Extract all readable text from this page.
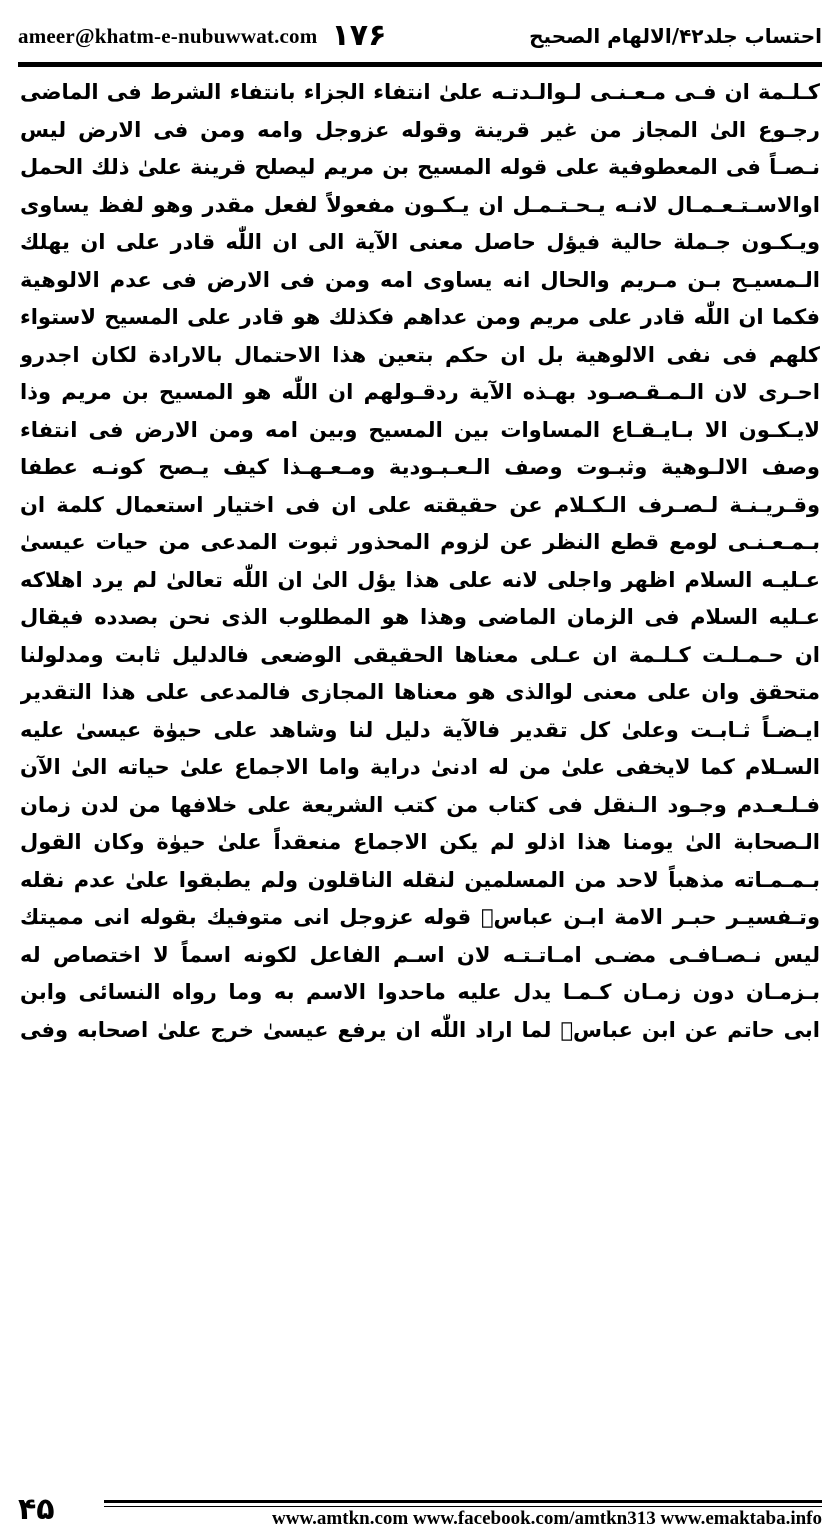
ameer@khatm-e-nubuwwat.com ۱۷۶	احتساب جلد۴۲/الالهام الصحیح
کـلـمة ان فـی مـعـنـی لـوالـدتـه علیٰ انتفاء الجزاء بانتفاء الشرط فی الماضی
رجـوع الیٰ المجاز من غیر قرینة وقوله عزوجل وامه ومن فی الارض لیس
نـصـاً فی المعطوفیة علی قوله المسیح بن مریم لیصلح قرینة علیٰ ذلك الحمل
اوالاسـتـعـمـال لانـه یـحـتـمـل ان یـکـون مفعولاً لفعل مقدر وهو لفظ یساوی
ویـکـون جـملة حالیة فیؤل حاصل معنی الآیة الی ان اللّٰه قادر علی ان یهلك
الـمسیـح بـن مـریم والحال انه یساوی امه ومن فی الارض فی عدم الالوهیة
فکما ان اللّٰه قادر علی مریم ومن عداهم فکذلك هو قادر علی المسیح لاستواء
کلهم فی نفی الالوهیة بل ان حکم بتعین هذا الاحتمال بالارادة لکان اجدرو
احـری لان الـمـقـصـود بهـذه الآیة ردقـولهم ان اللّٰه هو المسیح بن مریم وذا
لایـکـون الا بـایـقـاع المساوات بین المسیح وبین امه ومن الارض فی انتفاء
وصف الالـوهیة وثبـوت وصف الـعـبـودیة ومـعـهـذا کیف یـصح کونـه عطفا
وقـریـنـة لـصـرف الـکـلام عن حقیقته علی ان فی اختیار استعمال کلمة ان
بـمـعـنـی لومع قطع النظر عن لزوم المحذور ثبوت المدعی من حیات عیسیٰ
عـلیـه السلام اظهر واجلی لانه علی هذا یؤل الیٰ ان اللّٰه تعالیٰ لم یرد اهلاکه
عـلیه السلام فی الزمان الماضی وهذا هو المطلوب الذی نحن بصدده فیقال
ان حـمـلـت کـلـمة ان عـلی معناها الحقیقی الوضعی فالدلیل ثابت ومدلولنا
متحقق وان علی معنی لوالذی هو معناها المجازی فالمدعی علی هذا التقدیر
ایـضـاً ثـابـت وعلیٰ کل تقدیر فالآیة دلیل لنا وشاهد علی حیوٰة عیسیٰ علیه
السـلام کما لایخفی علیٰ من له ادنیٰ درایة واما الاجماع علیٰ حیاته الیٰ الآن
فـلـعـدم وجـود الـنقل فی کتاب من کتب الشریعة علی خلافها من لدن زمان
الـصحابة الیٰ یومنا هذا اذلو لم یکن الاجماع منعقداً علیٰ حیوٰة وکان القول
بـمـمـاته مذهباً لاحد من المسلمین لنقله الناقلون ولم یطبقوا علیٰ عدم نقله
وتـفسیـر حبـر الامة ابـن عباسؓ قوله عزوجل انی متوفیك بقوله انی ممیتك
لیس نـصـافـی مضـی امـاتـتـه لان اسـم الفاعل لکونه اسماً لا اختصاص له
بـزمـان دون زمـان کـمـا یدل علیه ماحدوا الاسم به وما رواه النسائی وابن
ابی حاتم عن ابن عباسؓ لما اراد اللّٰه ان یرفع عیسیٰ خرج علیٰ اصحابه وفی
۴۵	www.amtkn.com www.facebook.com/amtkn313 www.emaktaba.info
